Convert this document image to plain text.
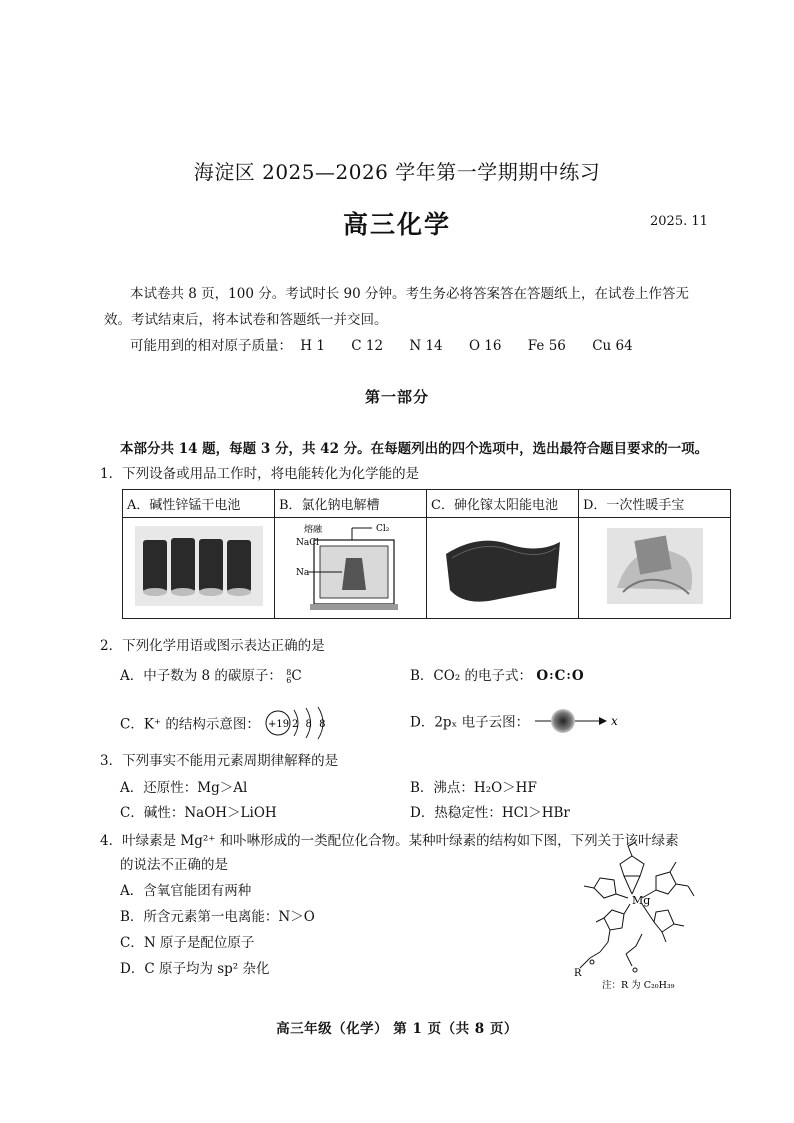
海淀区 2025—2026 学年第一学期期中练习
高三化学	2025. 11
本试卷共 8 页，100 分。考试时长 90 分钟。考生务必将答案答在答题纸上，在试卷上作答无效。考试结束后，将本试卷和答题纸一并交回。
可能用到的相对原子质量： H 1 C 12 N 14 O 16 Fe 56 Cu 64
第一部分
本部分共 14 题，每题 3 分，共 42 分。在每题列出的四个选项中，选出最符合题目要求的一项。
1．下列设备或用品工作时，将电能转化为化学能的是
A．碱性锌锰干电池	B．氯化钠电解槽	C．砷化镓太阳能电池	D．一次性暖手宝

熔融
NaCl
Cl₂
Na

2．下列化学用语或图示表达正确的是
A．中子数为 8 的碳原子： 8
6 C	B．CO₂ 的电子式： O꞉C꞉O
C．K⁺ 的结构示意图： +19 2 8 8	D．2pₓ 电子云图：	x
3．下列事实不能用元素周期律解释的是
A．还原性：Mg＞Al	B．沸点：H₂O＞HF
C．碱性：NaOH＞LiOH	D．热稳定性：HCl＞HBr
4．叶绿素是 Mg²⁺ 和卟啉形成的一类配位化合物。某种叶绿素的结构如下图，下列关于该叶绿素
的说法不正确的是
A．含氧官能团有两种
B．所含元素第一电离能：N＞O
C．N 原子是配位原子
D．C 原子均为 sp² 杂化
Mg
R
注：R 为 C₂₀H₃₉
高三年级（化学） 第 1 页（共 8 页）
